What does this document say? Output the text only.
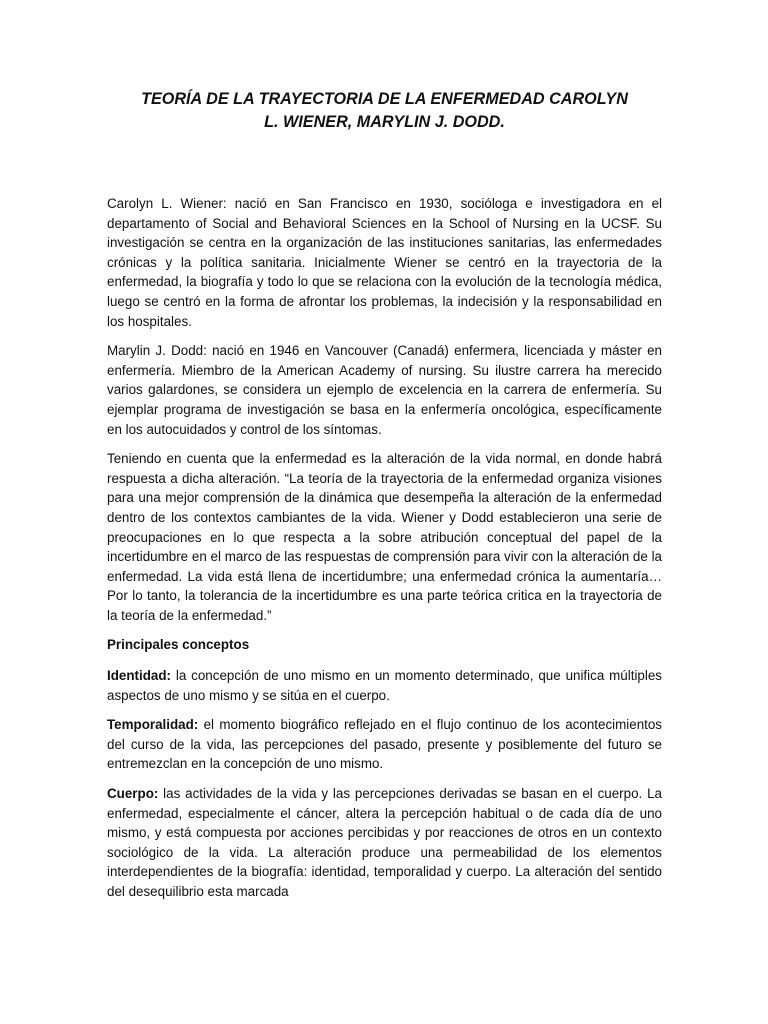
TEORÍA DE LA TRAYECTORIA DE LA ENFERMEDAD CAROLYN
L. WIENER, MARYLIN J. DODD.

Carolyn L. Wiener: nació en San Francisco en 1930, socióloga e investigadora en el departamento of Social and Behavioral Sciences en la School of Nursing en la UCSF. Su investigación se centra en la organización de las instituciones sanitarias, las enfermedades crónicas y la política sanitaria. Inicialmente Wiener se centró en la trayectoria de la enfermedad, la biografía y todo lo que se relaciona con la evolución de la tecnología médica, luego se centró en la forma de afrontar los problemas, la indecisión y la responsabilidad en los hospitales.

Marylin J. Dodd: nació en 1946 en Vancouver (Canadá) enfermera, licenciada y máster en enfermería. Miembro de la American Academy of nursing. Su ilustre carrera ha merecido varios galardones, se considera un ejemplo de excelencia en la carrera de enfermería. Su ejemplar programa de investigación se basa en la enfermería oncológica, específicamente en los autocuidados y control de los síntomas.

Teniendo en cuenta que la enfermedad es la alteración de la vida normal, en donde habrá respuesta a dicha alteración. “La teoría de la trayectoria de la enfermedad organiza visiones para una mejor comprensión de la dinámica que desempeña la alteración de la enfermedad dentro de los contextos cambiantes de la vida. Wiener y Dodd establecieron una serie de preocupaciones en lo que respecta a la sobre atribución conceptual del papel de la incertidumbre en el marco de las respuestas de comprensión para vivir con la alteración de la enfermedad. La vida está llena de incertidumbre; una enfermedad crónica la aumentaría…Por lo tanto, la tolerancia de la incertidumbre es una parte teórica critica en la trayectoria de la teoría de la enfermedad.”

Principales conceptos

Identidad: la concepción de uno mismo en un momento determinado, que unifica múltiples aspectos de uno mismo y se sitúa en el cuerpo.

Temporalidad: el momento biográfico reflejado en el flujo continuo de los acontecimientos del curso de la vida, las percepciones del pasado, presente y posiblemente del futuro se entremezclan en la concepción de uno mismo.

Cuerpo: las actividades de la vida y las percepciones derivadas se basan en el cuerpo. La enfermedad, especialmente el cáncer, altera la percepción habitual o de cada día de uno mismo, y está compuesta por acciones percibidas y por reacciones de otros en un contexto sociológico de la vida. La alteración produce una permeabilidad de los elementos interdependientes de la biografía: identidad, temporalidad y cuerpo. La alteración del sentido del desequilibrio esta marcada
